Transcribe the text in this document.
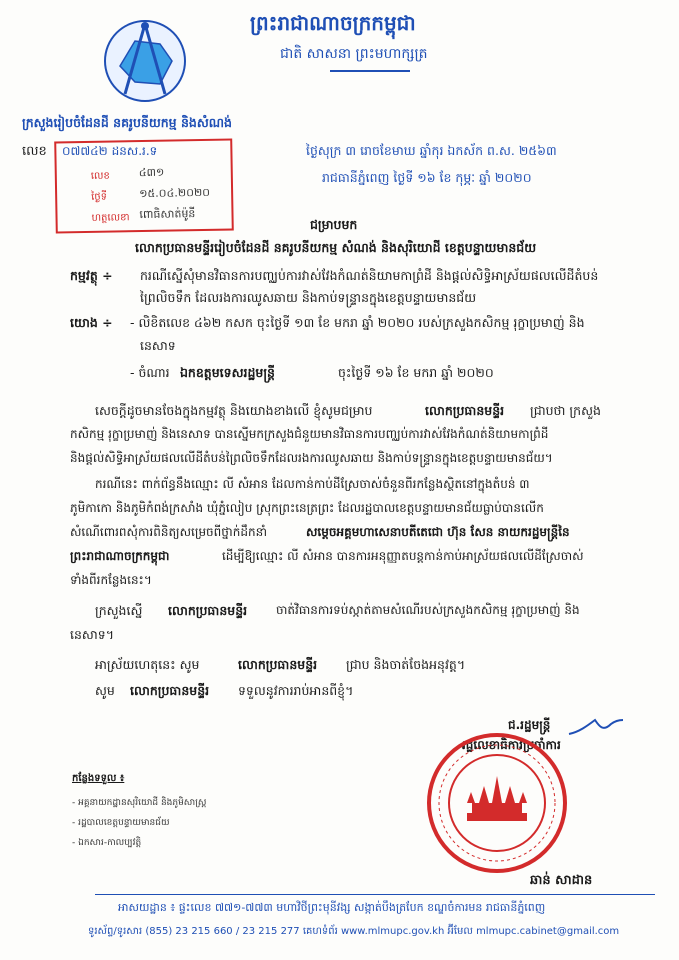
ព្រះរាជាណាចក្រកម្ពុជា
ជាតិ សាសនា ព្រះមហាក្សត្រ
ក្រសួងរៀបចំដែនដី នគរូបនីយកម្ម និងសំណង់
លេខ ០៧៧៤២ ដនស.រ.ទ
លេខ	៤៣១
ថ្ងៃទី	១៥.០៤.២០២០
ហត្ថលេខា ពោធិសាត់ម៉ូនី
ថ្ងៃសុក្រ ៣ រោចខែមាឃ ឆ្នាំកុរ ឯកស័ក ព.ស. ២៥៦៣
រាជធានីភ្នំពេញ ថ្ងៃទី ១៦ ខែ កុម្ភៈ ឆ្នាំ ២០២០
ជម្រាបមក
លោកប្រធានមន្ទីររៀបចំដែនដី នគរូបនីយកម្ម សំណង់ និងសុរិយោដី ខេត្តបន្ទាយមានជ័យ
កម្មវត្ថុ ÷ ករណីស្នើសុំមានវិធានការបញ្ឈប់ការវាស់វែងកំណត់និយាមកាព្រំដី និងផ្តល់សិទ្ធិអាស្រ័យផលលើដីតំបន់
ព្រៃលិចទឹក ដែលរងការឈូសឆាយ និងកាប់ទន្ទ្រានក្នុងខេត្តបន្ទាយមានជ័យ
យោង ÷ - លិខិតលេខ ៤៦២ កសក ចុះថ្ងៃទី ១៣ ខែ មករា ឆ្នាំ ២០២០ របស់ក្រសួងកសិកម្ម រុក្ខាប្រមាញ់ និង
នេសាទ
- ចំណារ ឯកឧត្តមទេសរដ្ឋមន្ត្រី	ចុះថ្ងៃទី ១៦ ខែ មករា ឆ្នាំ ២០២០
សេចក្តីដូចមានចែងក្នុងកម្មវត្ថុ និងយោងខាងលើ ខ្ញុំសូមជម្រាប	លោកប្រធានមន្ទីរ ជ្រាបថា ក្រសួង
កសិកម្ម រុក្ខាប្រមាញ់ និងនេសាទ បានស្នើមកក្រសួងជំនួយមានវិធានការបញ្ឈប់ការវាស់វែងកំណត់និយាមកាព្រំដី
និងផ្តល់សិទ្ធិអាស្រ័យផលលើដីតំបន់ព្រៃលិចទឹកដែលរងការឈូសឆាយ និងកាប់ទន្ទ្រានក្នុងខេត្តបន្ទាយមានជ័យ។
ករណីនេះ ពាក់ព័ន្ធនឹងឈ្មោះ លី សំអាន ដែលកាន់កាប់ដីស្រែចាស់ចំនួនពីរកន្លែងស្ថិតនៅក្នុងតំបន់ ៣
ភូមិកាកោ និងភូមិកំពង់ក្រសាំង ឃុំភ្នំលៀប ស្រុកព្រះនេត្រព្រះ ដែលរដ្ឋបាលខេត្តបន្ទាយមានជ័យធ្លាប់បានលើក
សំណើពោរពសុំការពិនិត្យសម្រេចពីថ្នាក់ដឹកនាំ	សម្តេចអគ្គមហាសេនាបតីតេជោ ហ៊ុន សែន នាយករដ្ឋមន្ត្រីនៃ
ព្រះរាជាណាចក្រកម្ពុជា	ដើម្បីឱ្យឈ្មោះ លី សំអាន បានការអនុញ្ញាតបន្តកាន់កាប់អាស្រ័យផលលើដីស្រែចាស់
ទាំងពីរកន្លែងនេះ។
ក្រសួងស្នើ លោកប្រធានមន្ទីរ ចាត់វិធានការទប់ស្កាត់តាមសំណើរបស់ក្រសួងកសិកម្ម រុក្ខាប្រមាញ់ និង
នេសាទ។
អាស្រ័យហេតុនេះ សូម	លោកប្រធានមន្ទីរ ជ្រាប និងចាត់ចែងអនុវត្ត។
សូម លោកប្រធានមន្ទីរ ទទួលនូវការរាប់អានពីខ្ញុំ។
ជ.រដ្ឋមន្ត្រី
រដ្ឋលេខាធិការប្រចាំការ
ឆាន់ សាដាន
កន្លែងទទួល ៖
- អគ្គនាយកដ្ឋានសុរិយោដី និងភូមិសាស្ត្រ
- រដ្ឋបាលខេត្តបន្ទាយមានជ័យ
- ឯកសារ-កាលប្បវត្តិ
អាសយដ្ឋាន ៖ ផ្ទះលេខ ៧៧១-៧៧៣ មហាវិថីព្រះមុនីវង្ស សង្កាត់បឹងត្របែក ខណ្ឌចំការមន រាជធានីភ្នំពេញ
ទូរស័ព្ទ/ទូរសារ (855) 23 215 660 / 23 215 277 គេហទំព័រ www.mlmupc.gov.kh អ៊ីមែល mlmupc.cabinet@gmail.com
